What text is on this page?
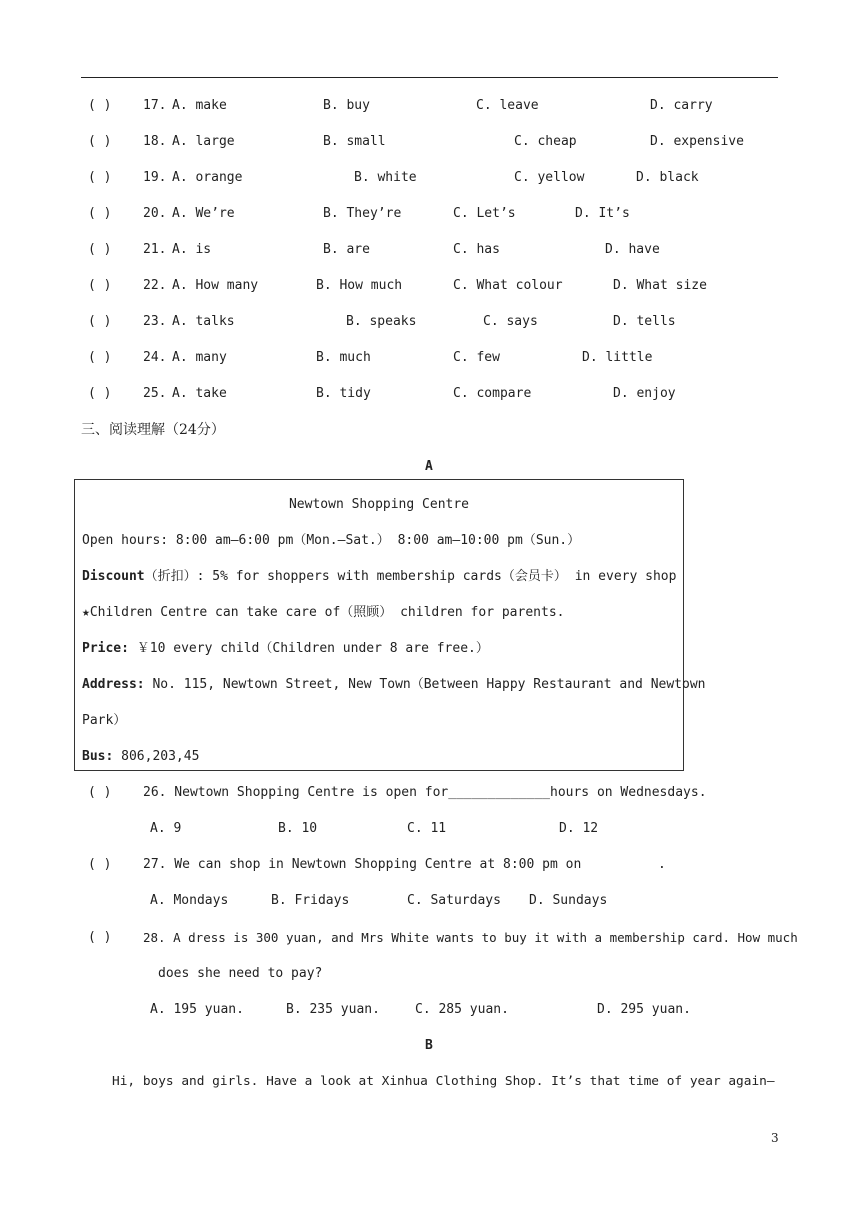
( ) 17. A. make	B. buy	C. leave	D. carry
( ) 18. A. large	B. small	C. cheap	D. expensive
( ) 19. A. orange	B. white	C. yellow	D. black
( ) 20. A. We’re	B. They’re	C. Let’s	D. It’s
( ) 21. A. is	B. are	C. has	D. have
( ) 22. A. How many	B. How much	C. What colour	D. What size
( ) 23. A. talks	B. speaks	C. says	D. tells
( ) 24. A. many	B. much	C. few	D. little
( ) 25. A. take	B. tidy	C. compare	D. enjoy
三、阅读理解（24分）
A
Newtown Shopping Centre
Open hours: 8:00 am—6:00 pm（Mon.—Sat.） 8:00 am—10:00 pm（Sun.）
Discount（折扣）: 5% for shoppers with membership cards（会员卡） in every shop
★Children Centre can take care of（照顾） children for parents.
Price: ￥10 every child（Children under 8 are free.）
Address: No. 115, Newtown Street, New Town（Between Happy Restaurant and Newtown
Park）
Bus: 806,203,45
( ) 26. Newtown Shopping Centre is open for_____________hours on Wednesdays.
A. 9	B. 10	C. 11	D. 12
( ) 27. We can shop in Newtown Shopping Centre at 8:00 pm on	.
A. Mondays	B. Fridays	C. Saturdays D. Sundays
( )	28. A dress is 300 yuan, and Mrs White wants to buy it with a membership card. How much
does she need to pay?
A. 195 yuan.	B. 235 yuan.	C. 285 yuan.	D. 295 yuan.
B
Hi, boys and girls. Have a look at Xinhua Clothing Shop. It’s that time of year again—
3
